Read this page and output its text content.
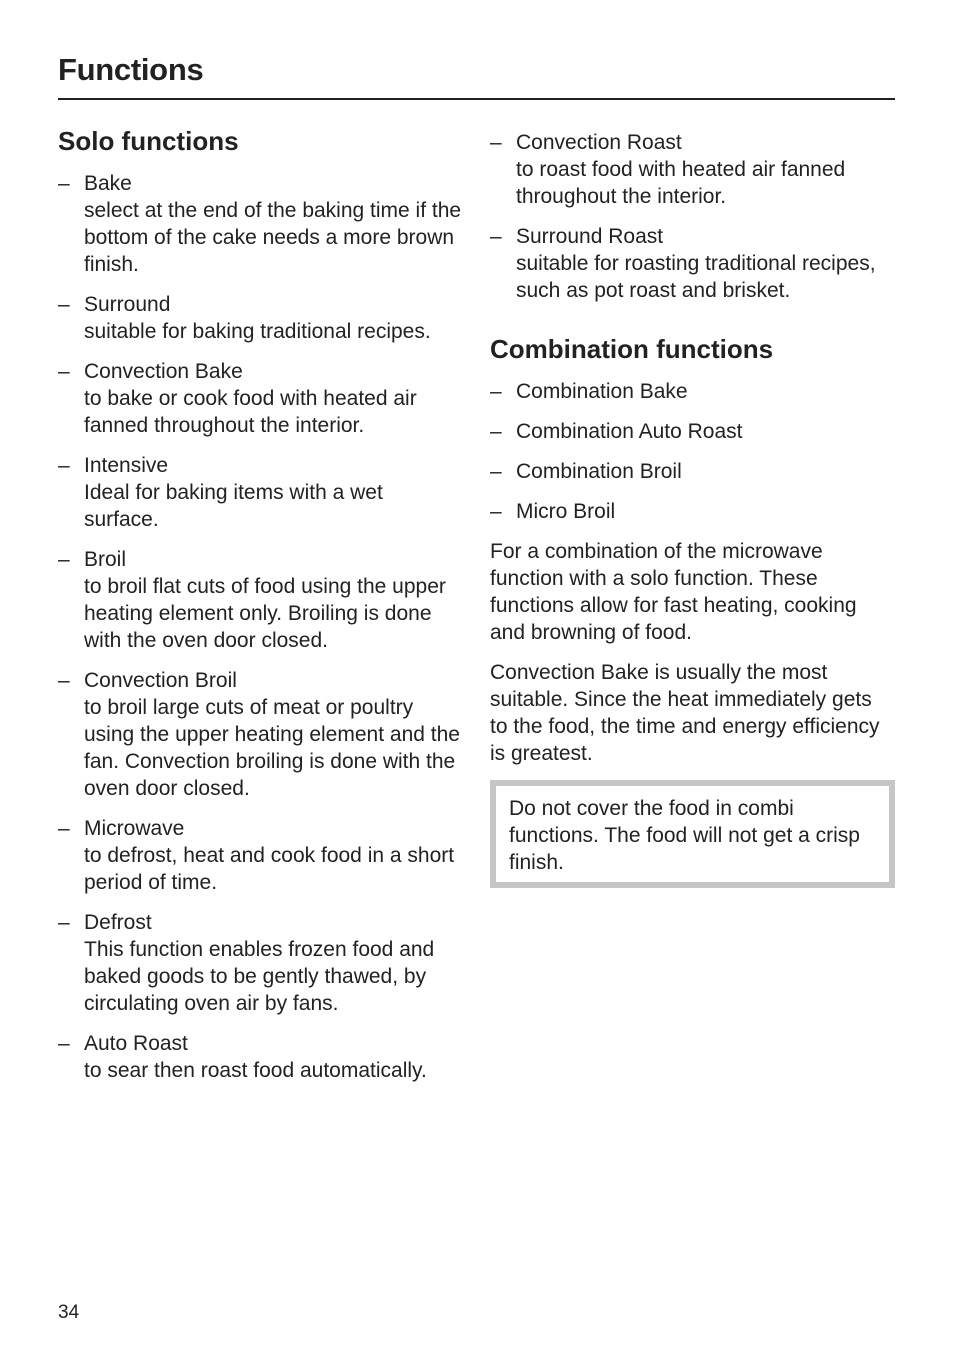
Functions
Solo functions
– Bake
select at the end of the baking time if the bottom of the cake needs a more brown finish.
– Surround
suitable for baking traditional recipes.
– Convection Bake
to bake or cook food with heated air fanned throughout the interior.
– Intensive
Ideal for baking items with a wet surface.
– Broil
to broil flat cuts of food using the upper heating element only. Broiling is done with the oven door closed.
– Convection Broil
to broil large cuts of meat or poultry using the upper heating element and the fan. Convection broiling is done with the oven door closed.
– Microwave
to defrost, heat and cook food in a short period of time.
– Defrost
This function enables frozen food and baked goods to be gently thawed, by circulating oven air by fans.
– Auto Roast
to sear then roast food automatically.
– Convection Roast
to roast food with heated air fanned throughout the interior.
– Surround Roast
suitable for roasting traditional recipes, such as pot roast and brisket.
Combination functions
– Combination Bake
– Combination Auto Roast
– Combination Broil
– Micro Broil

For a combination of the microwave function with a solo function. These functions allow for fast heating, cooking and browning of food.

Convection Bake is usually the most suitable. Since the heat immediately gets to the food, the time and energy efficiency is greatest.

Do not cover the food in combi functions. The food will not get a crisp finish.
34
